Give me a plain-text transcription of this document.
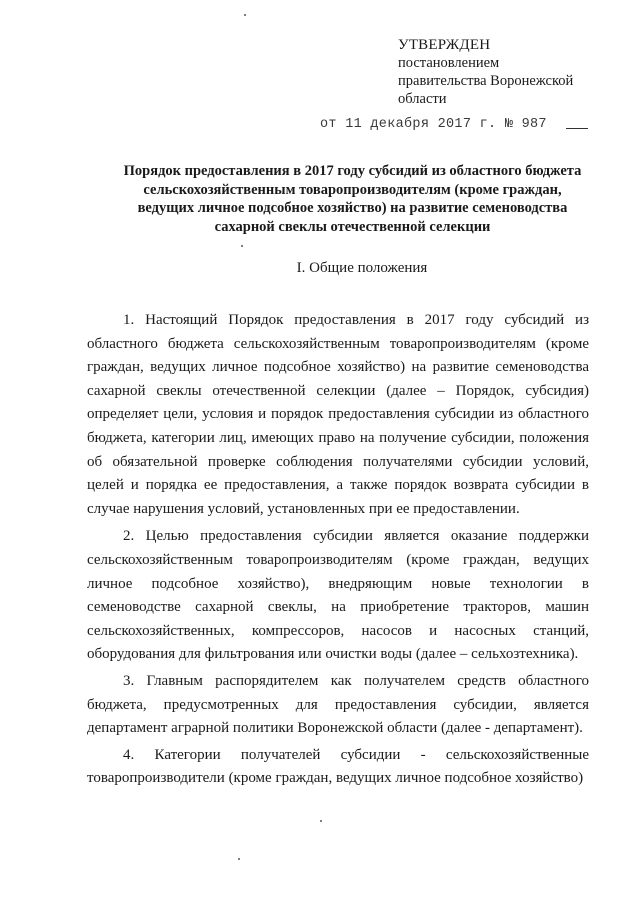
УТВЕРЖДЕН
постановлением
правительства Воронежской
области
от 11 декабря 2017 г. № 987
Порядок предоставления в 2017 году субсидий из областного бюджета сельскохозяйственным товаропроизводителям (кроме граждан, ведущих личное подсобное хозяйство) на развитие семеноводства сахарной свеклы отечественной селекции
I. Общие положения

1. Настоящий Порядок предоставления в 2017 году субсидий из областного бюджета сельскохозяйственным товаропроизводителям (кроме граждан, ведущих личное подсобное хозяйство) на развитие семеноводства сахарной свеклы отечественной селекции (далее – Порядок, субсидия) определяет цели, условия и порядок предоставления субсидии из областного бюджета, категории лиц, имеющих право на получение субсидии, положения об обязательной проверке соблюдения получателями субсидии условий, целей и порядка ее предоставления, а также порядок возврата субсидии в случае нарушения условий, установленных при ее предоставлении.

2. Целью предоставления субсидии является оказание поддержки сельскохозяйственным товаропроизводителям (кроме граждан, ведущих личное подсобное хозяйство), внедряющим новые технологии в семеноводстве сахарной свеклы, на приобретение тракторов, машин сельскохозяйственных, компрессоров, насосов и насосных станций, оборудования для фильтрования или очистки воды (далее – сельхозтехника).

3. Главным распорядителем как получателем средств областного бюджета, предусмотренных для предоставления субсидии, является департамент аграрной политики Воронежской области (далее - департамент).

4. Категории получателей субсидии - сельскохозяйственные товаропроизводители (кроме граждан, ведущих личное подсобное хозяйство)
